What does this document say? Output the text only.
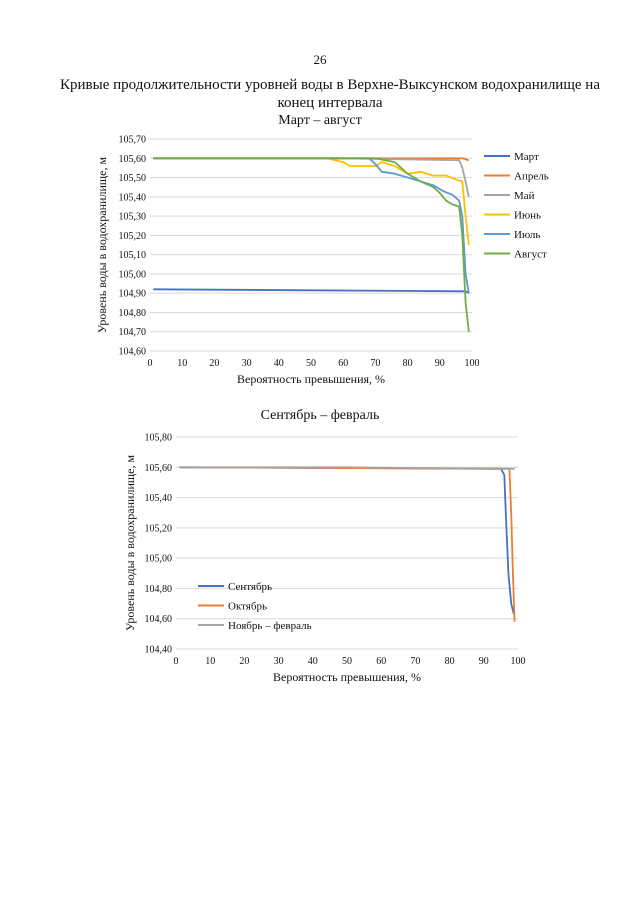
26
Кривые продолжительности уровней воды в Верхне-Выксунском водохранилище на конец интервала
Март – август
Сентябрь – февраль
104,60
104,70
104,80
104,90
105,00
105,10
105,20
105,30
105,40
105,50
105,60
105,70
0 10 20 30 40 50 60 70 80 90 100
Вероятность превышения, %
Уровень воды в водохранилище, м	Март
Апрель
Май
Июнь
Июль
Август
104,40
104,60
104,80
105,00
105,20
105,40
105,60
105,80
0	10 20 30 40 50 60 70 80 90 100
Вероятность превышения, %
Уровень воды в водохранилище, м	Сентябрь
Октябрь
Ноябрь – февраль
